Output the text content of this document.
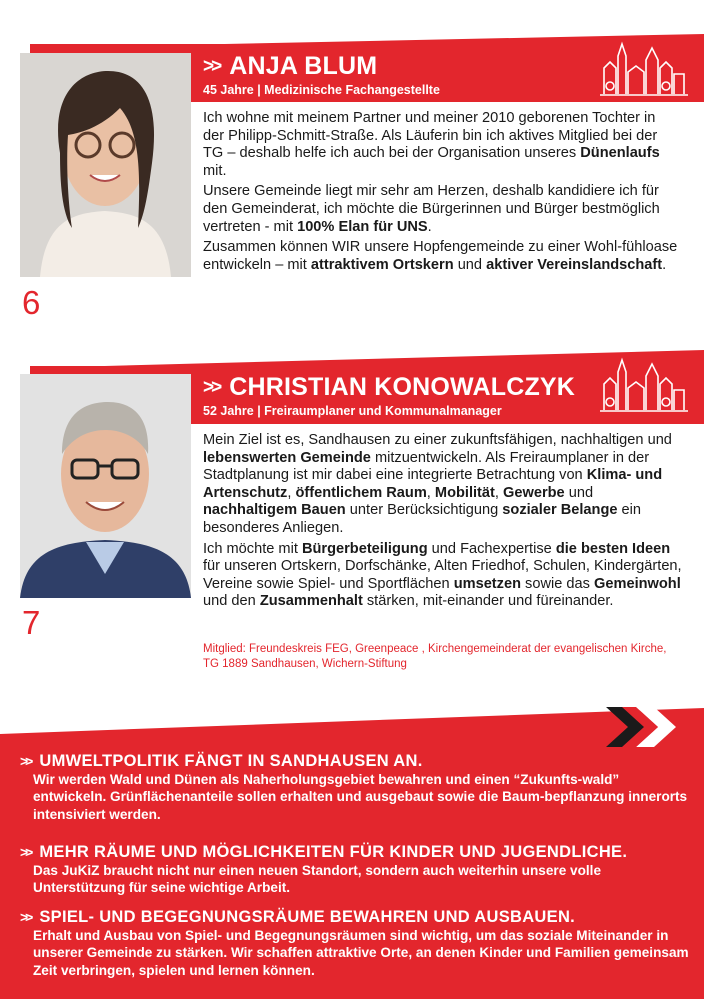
>> ANJA BLUM
45 Jahre | Medizinische Fachangestellte

Ich wohne mit meinem Partner und meiner 2010 geborenen Tochter in der Philipp-Schmitt-Straße. Als Läuferin bin ich aktives Mitglied bei der TG – deshalb helfe ich auch bei der Organisation unseres Dünenlaufs mit.

Unsere Gemeinde liegt mir sehr am Herzen, deshalb kandidiere ich für den Gemeinderat, ich möchte die Bürgerinnen und Bürger bestmöglich vertreten - mit 100% Elan für UNS.

Zusammen können WIR unsere Hopfengemeinde zu einer Wohl-fühloase entwickeln – mit attraktivem Ortskern und aktiver Vereinslandschaft.

6
>> CHRISTIAN KONOWALCZYK
52 Jahre | Freiraumplaner und Kommunalmanager

Mein Ziel ist es, Sandhausen zu einer zukunftsfähigen, nachhaltigen und lebenswerten Gemeinde mitzuentwickeln. Als Freiraumplaner in der Stadtplanung ist mir dabei eine integrierte Betrachtung von Klima- und Artenschutz, öffentlichem Raum, Mobilität, Gewerbe und nachhaltigem Bauen unter Berücksichtigung sozialer Belange ein besonderes Anliegen.

Ich möchte mit Bürgerbeteiligung und Fachexpertise die besten Ideen für unseren Ortskern, Dorfschänke, Alten Friedhof, Schulen, Kindergärten, Vereine sowie Spiel- und Sportflächen umsetzen sowie das Gemeinwohl und den Zusammenhalt stärken, mit-einander und füreinander.

Mitglied: Freundeskreis FEG, Greenpeace , Kirchengemeinderat der evangelischen Kirche, TG 1889 Sandhausen, Wichern-Stiftung
7
>> UMWELTPOLITIK FÄNGT IN SANDHAUSEN AN.
Wir werden Wald und Dünen als Naherholungsgebiet bewahren und einen “Zukunfts-wald” entwickeln. Grünflächenanteile sollen erhalten und ausgebaut sowie die Baum-bepflanzung innerorts intensiviert werden.
>> MEHR RÄUME UND MÖGLICHKEITEN FÜR KINDER UND JUGENDLICHE.
Das JuKiZ braucht nicht nur einen neuen Standort, sondern auch weiterhin unsere volle Unterstützung für seine wichtige Arbeit.
>> SPIEL- UND BEGEGNUNGSRÄUME BEWAHREN UND AUSBAUEN.
Erhalt und Ausbau von Spiel- und Begegnungsräumen sind wichtig, um das soziale Miteinander in unserer Gemeinde zu stärken. Wir schaffen attraktive Orte, an denen Kinder und Familien gemeinsam Zeit verbringen, spielen und lernen können.
